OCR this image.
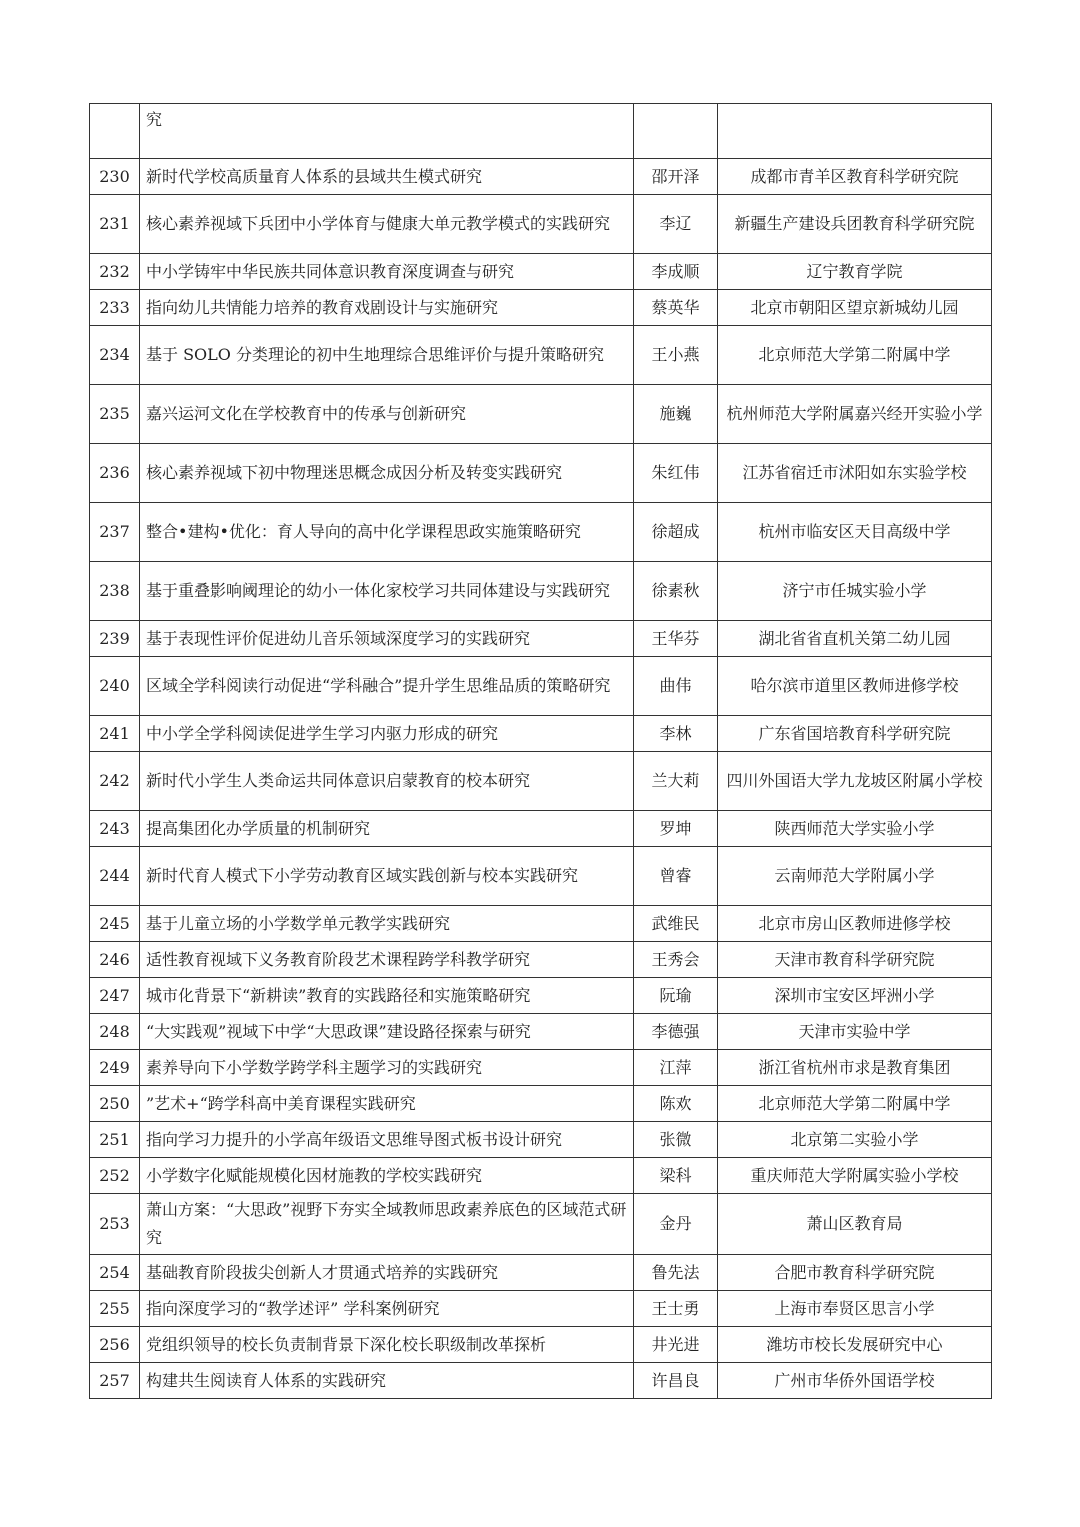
	究		
230	新时代学校高质量育人体系的县域共生模式研究	邵开泽	成都市青羊区教育科学研究院
231	核心素养视域下兵团中小学体育与健康大单元教学模式的实践研究	李辽	新疆生产建设兵团教育科学研究院
232	中小学铸牢中华民族共同体意识教育深度调查与研究	李成顺	辽宁教育学院
233	指向幼儿共情能力培养的教育戏剧设计与实施研究	蔡英华	北京市朝阳区望京新城幼儿园
234	基于 SOLO 分类理论的初中生地理综合思维评价与提升策略研究	王小燕	北京师范大学第二附属中学
235	嘉兴运河文化在学校教育中的传承与创新研究	施巍	杭州师范大学附属嘉兴经开实验小学
236	核心素养视域下初中物理迷思概念成因分析及转变实践研究	朱红伟	江苏省宿迁市沭阳如东实验学校
237	整合•建构•优化：育人导向的高中化学课程思政实施策略研究	徐超成	杭州市临安区天目高级中学
238	基于重叠影响阈理论的幼小一体化家校学习共同体建设与实践研究	徐素秋	济宁市任城实验小学
239	基于表现性评价促进幼儿音乐领域深度学习的实践研究	王华芬	湖北省省直机关第二幼儿园
240	区域全学科阅读行动促进“学科融合”提升学生思维品质的策略研究	曲伟	哈尔滨市道里区教师进修学校
241	中小学全学科阅读促进学生学习内驱力形成的研究	李林	广东省国培教育科学研究院
242	新时代小学生人类命运共同体意识启蒙教育的校本研究	兰大莉	四川外国语大学九龙坡区附属小学校
243	提高集团化办学质量的机制研究	罗坤	陕西师范大学实验小学
244	新时代育人模式下小学劳动教育区域实践创新与校本实践研究	曾睿	云南师范大学附属小学
245	基于儿童立场的小学数学单元教学实践研究	武维民	北京市房山区教师进修学校
246	适性教育视域下义务教育阶段艺术课程跨学科教学研究	王秀会	天津市教育科学研究院
247	城市化背景下“新耕读”教育的实践路径和实施策略研究	阮瑜	深圳市宝安区坪洲小学
248	“大实践观”视域下中学“大思政课”建设路径探索与研究	李德强	天津市实验中学
249	素养导向下小学数学跨学科主题学习的实践研究	江萍	浙江省杭州市求是教育集团
250	”艺术+“跨学科高中美育课程实践研究	陈欢	北京师范大学第二附属中学
251	指向学习力提升的小学高年级语文思维导图式板书设计研究	张微	北京第二实验小学
252	小学数字化赋能规模化因材施教的学校实践研究	梁科	重庆师范大学附属实验小学校
253	萧山方案：“大思政”视野下夯实全域教师思政素养底色的区域范式研究	金丹	萧山区教育局
254	基础教育阶段拔尖创新人才贯通式培养的实践研究	鲁先法	合肥市教育科学研究院
255	指向深度学习的“教学述评” 学科案例研究	王士勇	上海市奉贤区思言小学
256	党组织领导的校长负责制背景下深化校长职级制改革探析	井光进	潍坊市校长发展研究中心
257	构建共生阅读育人体系的实践研究	许昌良	广州市华侨外国语学校
